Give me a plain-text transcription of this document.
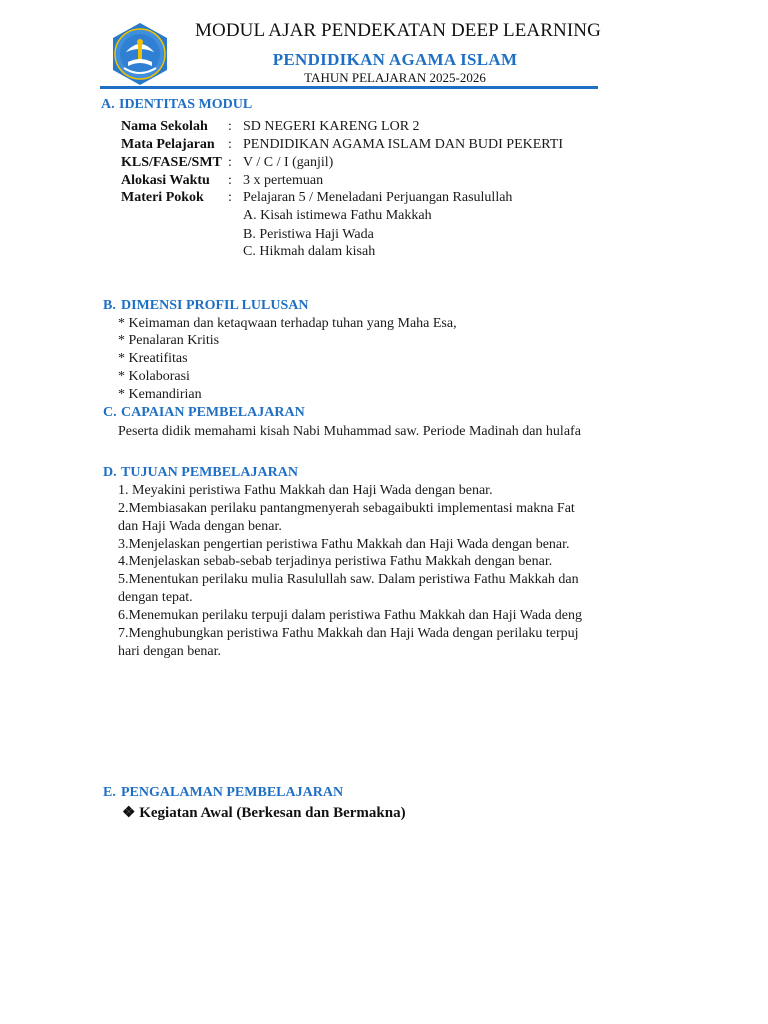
MODUL AJAR PENDEKATAN DEEP LEARNING
PENDIDIKAN AGAMA ISLAM
TAHUN PELAJARAN 2025-2026
A. IDENTITAS MODUL
Nama Sekolah : SD NEGERI KARENG LOR 2
Mata Pelajaran : PENDIDIKAN AGAMA ISLAM DAN BUDI PEKERTI
KLS/FASE/SMT : V / C / I (ganjil)
Alokasi Waktu : 3 x pertemuan
Materi Pokok : Pelajaran 5 / Meneladani Perjuangan Rasulullah
A. Kisah istimewa Fathu Makkah
B. Peristiwa Haji Wada
C. Hikmah dalam kisah
B. DIMENSI PROFIL LULUSAN
* Keimaman dan ketaqwaan terhadap tuhan yang Maha Esa,
* Penalaran Kritis
* Kreatifitas
* Kolaborasi
* Kemandirian
C. CAPAIAN PEMBELAJARAN
Peserta didik memahami kisah Nabi Muhammad saw. Periode Madinah dan hulafa
D. TUJUAN PEMBELAJARAN
1. Meyakini peristiwa Fathu Makkah dan Haji Wada dengan benar.
2.Membiasakan perilaku pantangmenyerah sebagaibukti implementasi makna Fat
dan Haji Wada dengan benar.
3.Menjelaskan pengertian peristiwa Fathu Makkah dan Haji Wada dengan benar.
4.Menjelaskan sebab-sebab terjadinya peristiwa Fathu Makkah dengan benar.
5.Menentukan perilaku mulia Rasulullah saw. Dalam peristiwa Fathu Makkah dan
dengan tepat.
6.Menemukan perilaku terpuji dalam peristiwa Fathu Makkah dan Haji Wada deng
7.Menghubungkan peristiwa Fathu Makkah dan Haji Wada dengan perilaku terpuj
hari dengan benar.
E. PENGALAMAN PEMBELAJARAN
❖ Kegiatan Awal (Berkesan dan Bermakna)
